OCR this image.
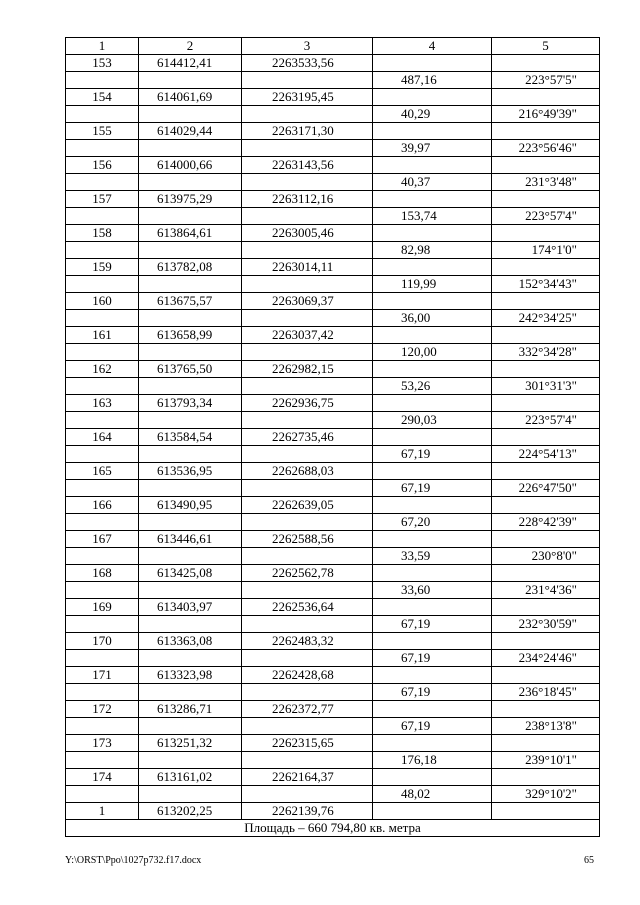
1	2	3	4	5
153	614412,41	2263533,56		
			487,16	223°57'5"
154	614061,69	2263195,45		
			40,29	216°49'39"
155	614029,44	2263171,30		
			39,97	223°56'46"
156	614000,66	2263143,56		
			40,37	231°3'48"
157	613975,29	2263112,16		
			153,74	223°57'4"
158	613864,61	2263005,46		
			82,98	174°1'0"
159	613782,08	2263014,11		
			119,99	152°34'43"
160	613675,57	2263069,37		
			36,00	242°34'25"
161	613658,99	2263037,42		
			120,00	332°34'28"
162	613765,50	2262982,15		
			53,26	301°31'3"
163	613793,34	2262936,75		
			290,03	223°57'4"
164	613584,54	2262735,46		
			67,19	224°54'13"
165	613536,95	2262688,03		
			67,19	226°47'50"
166	613490,95	2262639,05		
			67,20	228°42'39"
167	613446,61	2262588,56		
			33,59	230°8'0"
168	613425,08	2262562,78		
			33,60	231°4'36"
169	613403,97	2262536,64		
			67,19	232°30'59"
170	613363,08	2262483,32		
			67,19	234°24'46"
171	613323,98	2262428,68		
			67,19	236°18'45"
172	613286,71	2262372,77		
			67,19	238°13'8"
173	613251,32	2262315,65		
			176,18	239°10'1"
174	613161,02	2262164,37		
			48,02	329°10'2"
1	613202,25	2262139,76		
Площадь – 660 794,80 кв. метра				
Y:\ORST\Ppo\1027p732.f17.docx	65
